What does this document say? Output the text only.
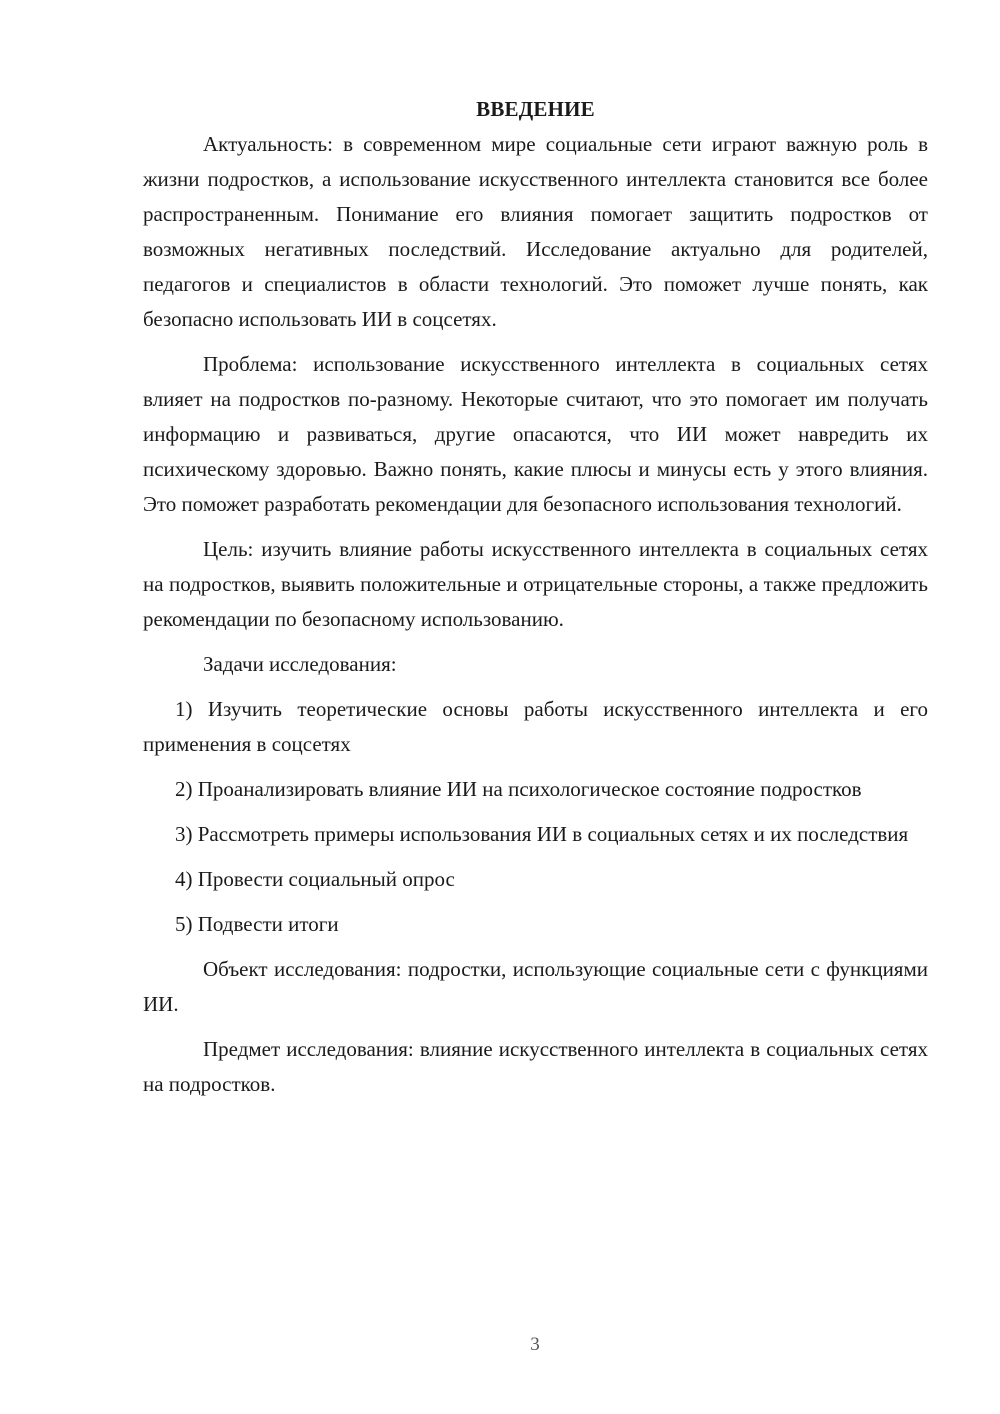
ВВЕДЕНИЕ

Актуальность: в современном мире социальные сети играют важную роль в жизни подростков, а использование искусственного интеллекта становится все более распространенным. Понимание его влияния помогает защитить подростков от возможных негативных последствий. Исследование актуально для родителей, педагогов и специалистов в области технологий. Это поможет лучше понять, как безопасно использовать ИИ в соцсетях.

Проблема: использование искусственного интеллекта в социальных сетях влияет на подростков по-разному. Некоторые считают, что это помогает им получать информацию и развиваться, другие опасаются, что ИИ может навредить их психическому здоровью. Важно понять, какие плюсы и минусы есть у этого влияния. Это поможет разработать рекомендации для безопасного использования технологий.

Цель: изучить влияние работы искусственного интеллекта в социальных сетях на подростков, выявить положительные и отрицательные стороны, а также предложить рекомендации по безопасному использованию.

Задачи исследования:

1) Изучить теоретические основы работы искусственного интеллекта и его применения в соцсетях

2) Проанализировать влияние ИИ на психологическое состояние подростков

3) Рассмотреть примеры использования ИИ в социальных сетях и их последствия

4) Провести социальный опрос

5) Подвести итоги

Объект исследования: подростки, использующие социальные сети с функциями ИИ.

Предмет исследования: влияние искусственного интеллекта в социальных сетях на подростков.

3
